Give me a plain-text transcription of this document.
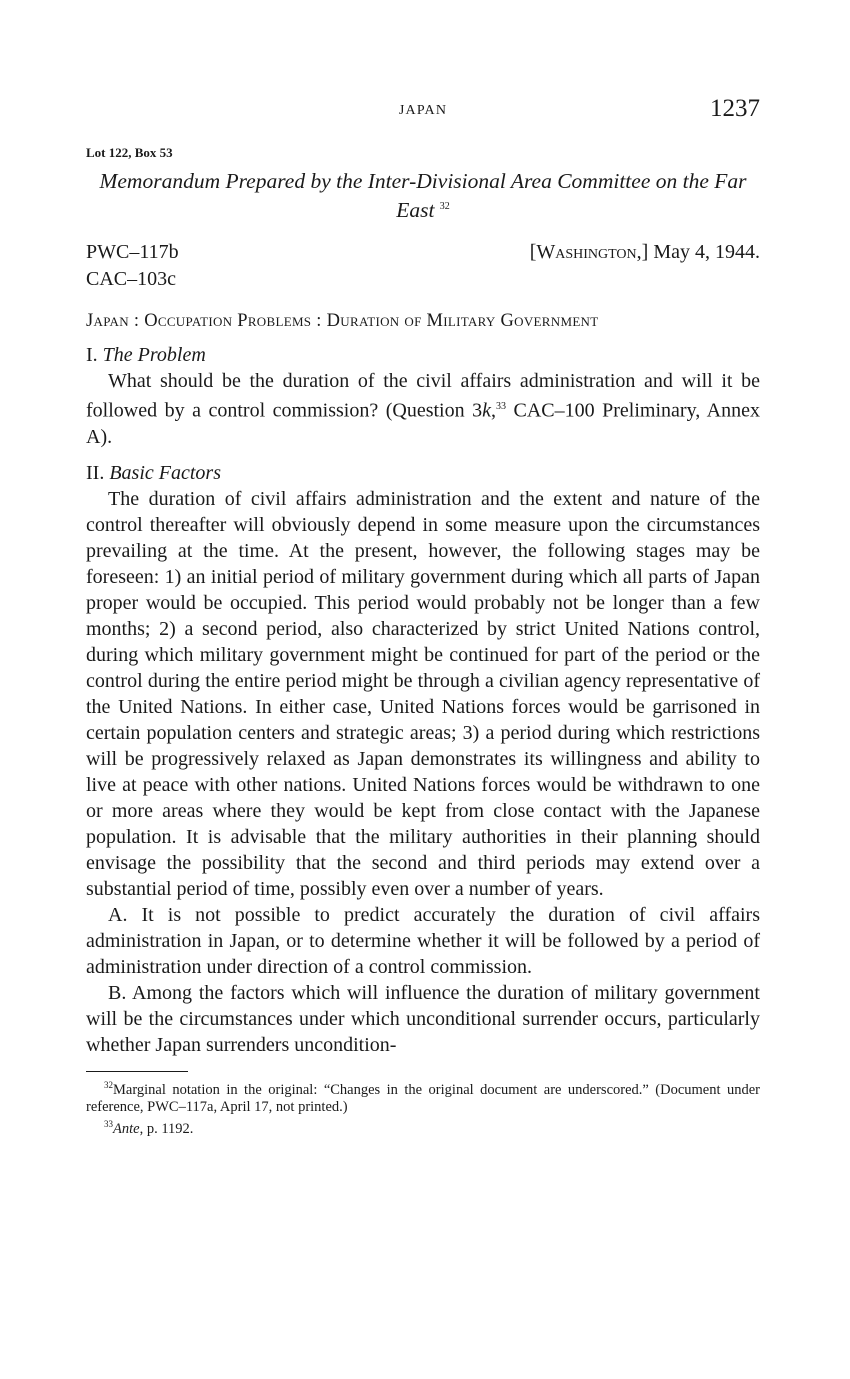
JAPAN	1237
Lot 122, Box 53
Memorandum Prepared by the Inter-Divisional Area Committee on the Far East $^{32}$
PWC–117b
CAC–103c
[Washington,] May 4, 1944.
Japan : Occupation Problems : Duration of Military Government
I. The Problem

What should be the duration of the civil affairs administration and will it be followed by a control commission? (Question 3k,$^{33}$ CAC–100 Preliminary, Annex A).

II. Basic Factors

The duration of civil affairs administration and the extent and nature of the control thereafter will obviously depend in some measure upon the circumstances prevailing at the time. At the present, however, the following stages may be foreseen: 1) an initial period of military government during which all parts of Japan proper would be occupied. This period would probably not be longer than a few months; 2) a second period, also characterized by strict United Nations control, during which military government might be continued for part of the period or the control during the entire period might be through a civilian agency representative of the United Nations. In either case, United Nations forces would be garrisoned in certain population centers and strategic areas; 3) a period during which restrictions will be progressively relaxed as Japan demonstrates its willingness and ability to live at peace with other nations. United Nations forces would be withdrawn to one or more areas where they would be kept from close contact with the Japanese population. It is advisable that the military authorities in their planning should envisage the possibility that the second and third periods may extend over a substantial period of time, possibly even over a number of years.

A. It is not possible to predict accurately the duration of civil affairs administration in Japan, or to determine whether it will be followed by a period of administration under direction of a control commission.

B. Among the factors which will influence the duration of military government will be the circumstances under which unconditional surrender occurs, particularly whether Japan surrenders uncondition-

$^{32}$Marginal notation in the original: “Changes in the original document are underscored.” (Document under reference, PWC–117a, April 17, not printed.)

$^{33}$Ante, p. 1192.
